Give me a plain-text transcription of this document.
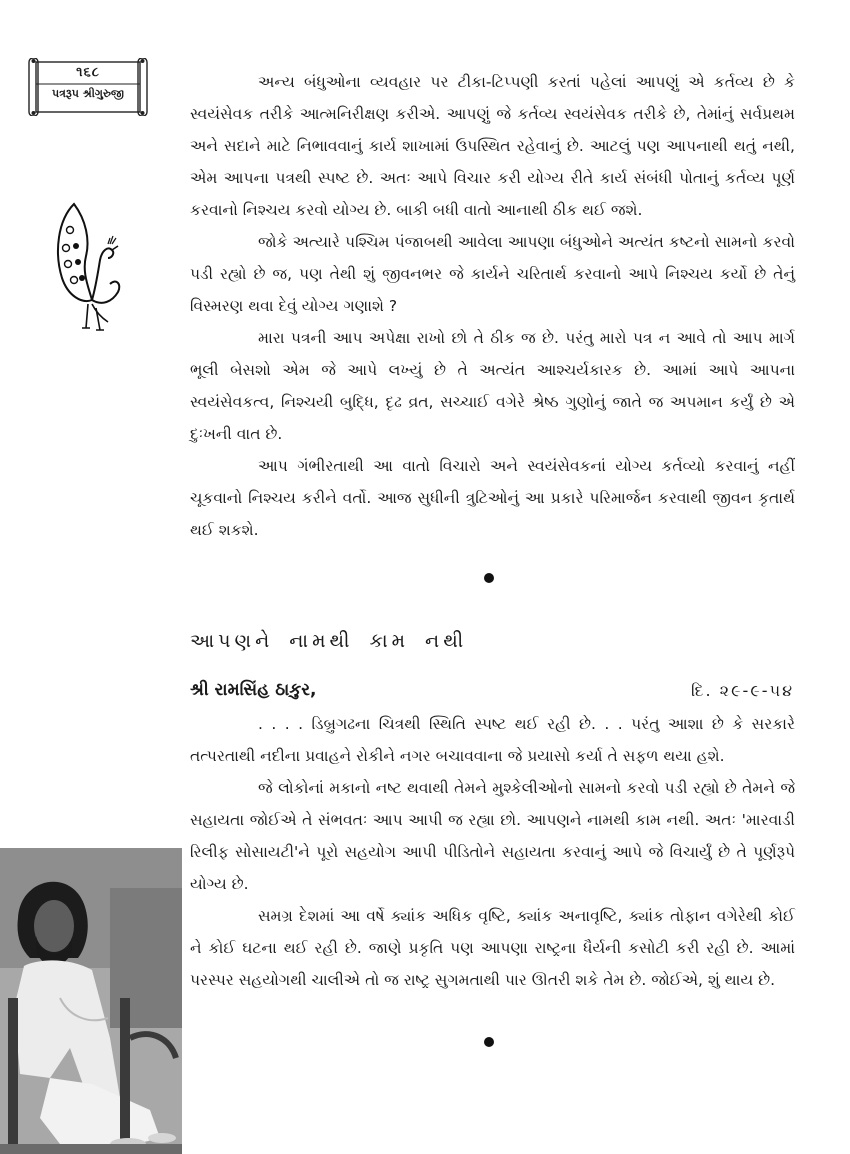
૧૬૮
પત્રરૂપ શ્રીગુરુજી

અન્ય બંધુઓના વ્યવહાર પર ટીકા-ટિપ્પણી કરતાં પહેલાં આપણું એ કર્તવ્ય છે કે સ્વયંસેવક તરીકે આત્મનિરીક્ષણ કરીએ. આપણું જે કર્તવ્ય સ્વયંસેવક તરીકે છે, તેમાંનું સર્વપ્રથમ અને સદાને માટે નિભાવવાનું કાર્ય શાખામાં ઉપસ્થિત રહેવાનું છે. આટલું પણ આપનાથી થતું નથી, એમ આપના પત્રથી સ્પષ્ટ છે. અતઃ આપે વિચાર કરી યોગ્ય રીતે કાર્ય સંબંધી પોતાનું કર્તવ્ય પૂર્ણ કરવાનો નિશ્ચય કરવો યોગ્ય છે. બાકી બધી વાતો આનાથી ઠીક થઈ જશે.

જોકે અત્યારે પશ્ચિમ પંજાબથી આવેલા આપણા બંધુઓને અત્યંત કષ્ટનો સામનો કરવો પડી રહ્યો છે જ, પણ તેથી શું જીવનભર જે કાર્યને ચરિતાર્થ કરવાનો આપે નિશ્ચય કર્યો છે તેનું વિસ્મરણ થવા દેવું યોગ્ય ગણાશે ?

મારા પત્રની આપ અપેક્ષા રાખો છો તે ઠીક જ છે. પરંતુ મારો પત્ર ન આવે તો આપ માર્ગ ભૂલી બેસશો એમ જે આપે લખ્યું છે તે અત્યંત આશ્ચર્યકારક છે. આમાં આપે આપના સ્વયંસેવકત્વ, નિશ્ચયી બુદ્ધિ, દૃઢ વ્રત, સચ્ચાઈ વગેરે શ્રેષ્ઠ ગુણોનું જાતે જ અપમાન કર્યું છે એ દુઃખની વાત છે.

આપ ગંભીરતાથી આ વાતો વિચારો અને સ્વયંસેવકનાં યોગ્ય કર્તવ્યો કરવાનું નહીં ચૂકવાનો નિશ્ચય કરીને વર્તો. આજ સુધીની ત્રુટિઓનું આ પ્રકારે પરિમાર્જન કરવાથી જીવન કૃતાર્થ થઈ શકશે.

આપણને નામથી કામ નથી
શ્રી રામસિંહ ઠાકુર,	દિ. ૨૯-૯-૫૪

. . . . ડિબ્રુગઢના ચિત્રથી સ્થિતિ સ્પષ્ટ થઈ રહી છે. . . પરંતુ આશા છે કે સરકારે તત્પરતાથી નદીના પ્રવાહને રોકીને નગર બચાવવાના જે પ્રયાસો કર્યા તે સફળ થયા હશે.

જે લોકોનાં મકાનો નષ્ટ થવાથી તેમને મુશ્કેલીઓનો સામનો કરવો પડી રહ્યો છે તેમને જે સહાયતા જોઈએ તે સંભવતઃ આપ આપી જ રહ્યા છો. આપણને નામથી કામ નથી. અતઃ 'મારવાડી રિલીફ સોસાયટી'ને પૂરો સહયોગ આપી પીડિતોને સહાયતા કરવાનું આપે જે વિચાર્યું છે તે પૂર્ણરૂપે યોગ્ય છે.

સમગ્ર દેશમાં આ વર્ષે ક્યાંક અધિક વૃષ્ટિ, ક્યાંક અનાવૃષ્ટિ, ક્યાંક તોફાન વગેરેથી કોઈ ને કોઈ ઘટના થઈ રહી છે. જાણે પ્રકૃતિ પણ આપણા રાષ્ટ્રના ધૈર્યની કસોટી કરી રહી છે. આમાં પરસ્પર સહયોગથી ચાલીએ તો જ રાષ્ટ્ર સુગમતાથી પાર ઊતરી શકે તેમ છે. જોઈએ, શું થાય છે.
